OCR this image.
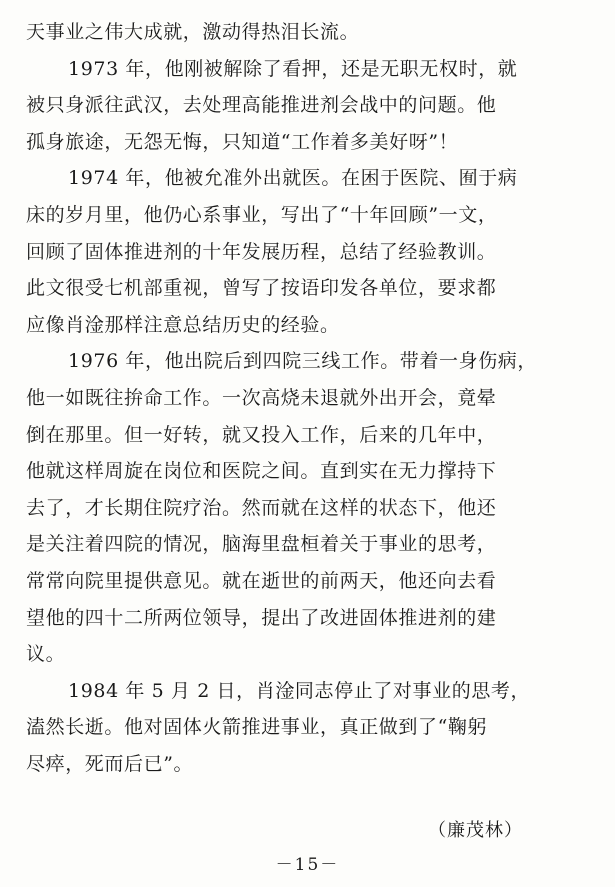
天事业之伟大成就，激动得热泪长流。
1973 年，他刚被解除了看押，还是无职无权时，就
被只身派往武汉，去处理高能推进剂会战中的问题。他
孤身旅途，无怨无悔，只知道“工作着多美好呀”！
1974 年，他被允准外出就医。在困于医院、囿于病
床的岁月里，他仍心系事业，写出了“十年回顾”一文，
回顾了固体推进剂的十年发展历程，总结了经验教训。
此文很受七机部重视，曾写了按语印发各单位，要求都
应像肖淦那样注意总结历史的经验。
1976 年，他出院后到四院三线工作。带着一身伤病，
他一如既往拚命工作。一次高烧未退就外出开会，竟晕
倒在那里。但一好转，就又投入工作，后来的几年中，
他就这样周旋在岗位和医院之间。直到实在无力撑持下
去了，才长期住院疗治。然而就在这样的状态下，他还
是关注着四院的情况，脑海里盘桓着关于事业的思考，
常常向院里提供意见。就在逝世的前两天，他还向去看
望他的四十二所两位领导，提出了改进固体推进剂的建
议。
1984 年 5 月 2 日，肖淦同志停止了对事业的思考，
溘然长逝。他对固体火箭推进事业，真正做到了“鞠躬
尽瘁，死而后已”。
（廉茂林）
－15－
